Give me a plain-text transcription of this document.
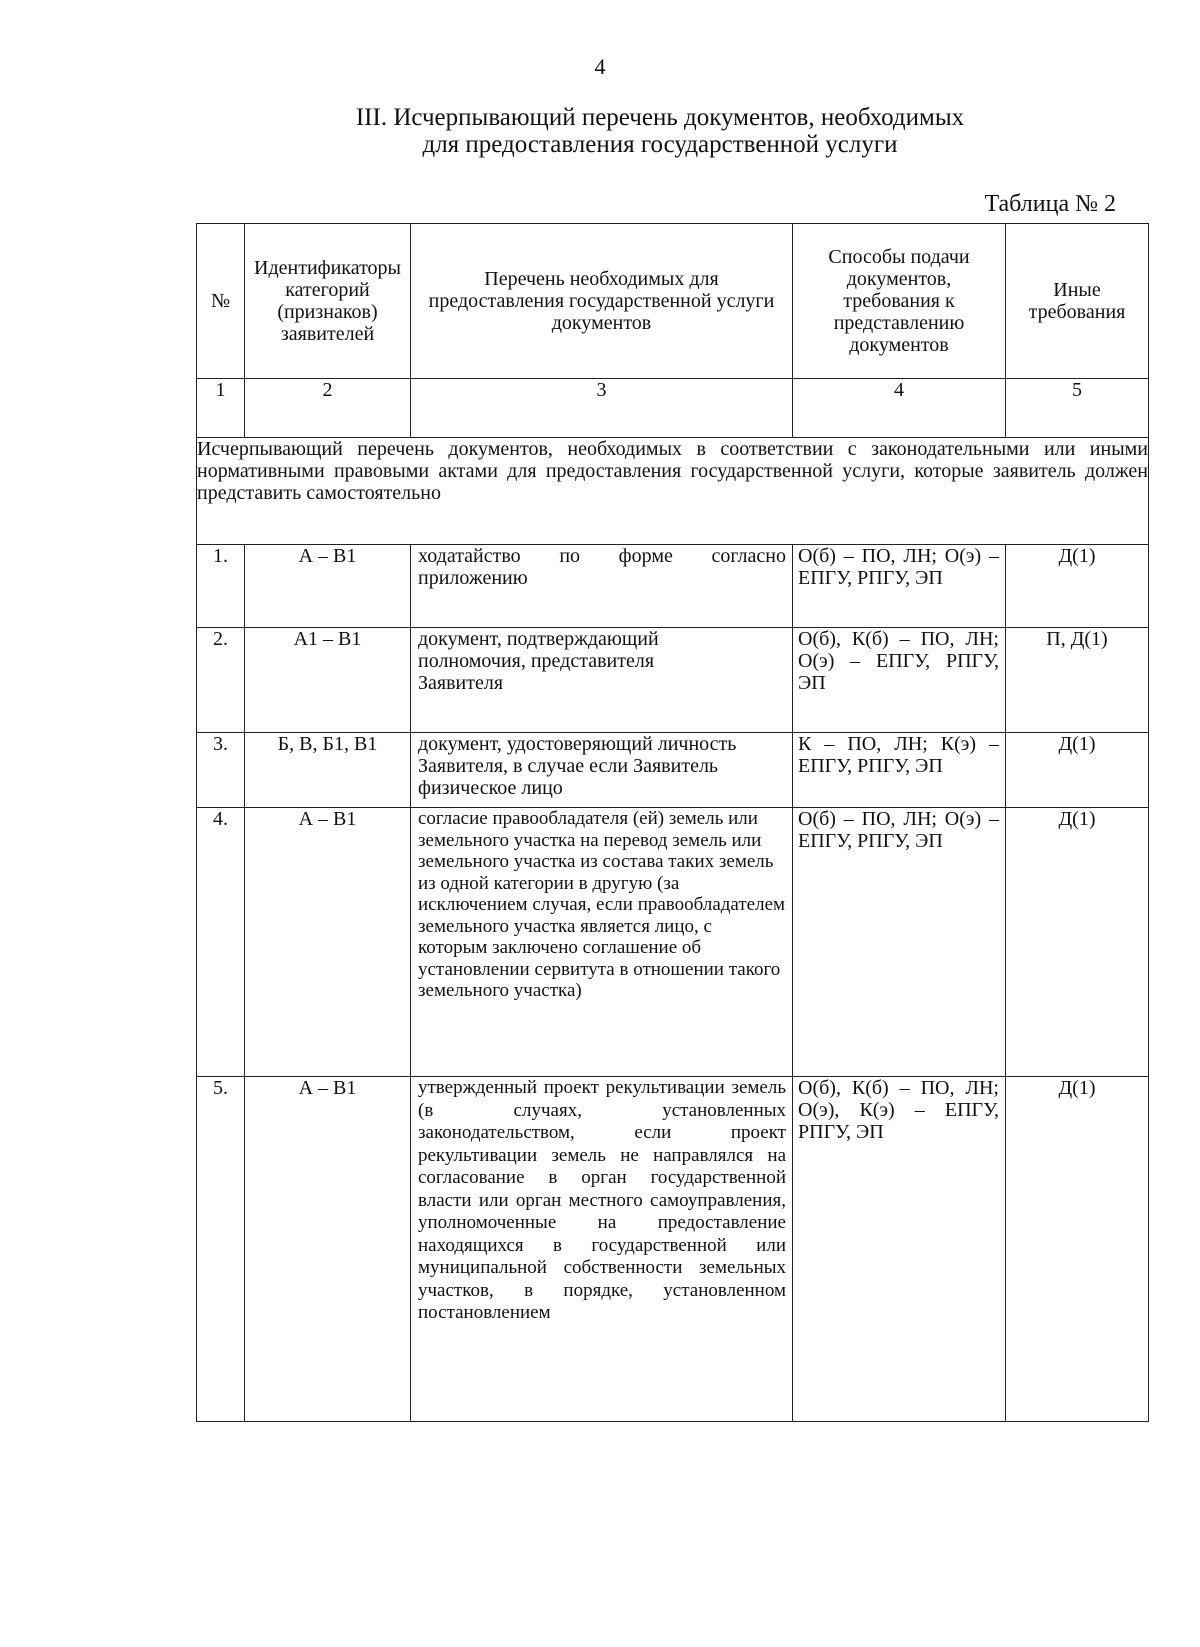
4
III. Исчерпывающий перечень документов, необходимых
для предоставления государственной услуги
Таблица № 2
№	Идентификаторы категорий (признаков) заявителей	Перечень необходимых для предоставления государственной услуги документов	Способы подачи документов, требования к представлению документов	Иные требования
1	2	3	4	5
Исчерпывающий перечень документов, необходимых в соответствии с законодательными или иными нормативными правовыми актами для предоставления государственной услуги, которые заявитель должен представить самостоятельно				
1.	А – В1	ходатайство по форме согласно приложению	О(б) – ПО, ЛН; О(э) – ЕПГУ, РПГУ, ЭП	Д(1)
2.	А1 – В1	документ, подтверждающий полномочия, представителя Заявителя	О(б), К(б) – ПО, ЛН; О(э) – ЕПГУ, РПГУ, ЭП	П, Д(1)
3.	Б, В, Б1, В1	документ, удостоверяющий личность Заявителя, в случае если Заявитель физическое лицо	К – ПО, ЛН; К(э) – ЕПГУ, РПГУ, ЭП	Д(1)
4.	А – В1	согласие правообладателя (ей) земель или земельного участка на перевод земель или земельного участка из состава таких земель из одной категории в другую (за исключением случая, если правообладателем земельного участка является лицо, с которым заключено соглашение об установлении сервитута в отношении такого земельного участка)	О(б) – ПО, ЛН; О(э) – ЕПГУ, РПГУ, ЭП	Д(1)
5.	А – В1	утвержденный проект рекультивации земель (в случаях, установленных законодательством, если проект рекультивации земель не направлялся на согласование в орган государственной власти или орган местного самоуправления, уполномоченные на предоставление находящихся в государственной или муниципальной собственности земельных участков, в порядке, установленном постановлением	О(б), К(б) – ПО, ЛН; О(э), К(э) – ЕПГУ, РПГУ, ЭП	Д(1)
